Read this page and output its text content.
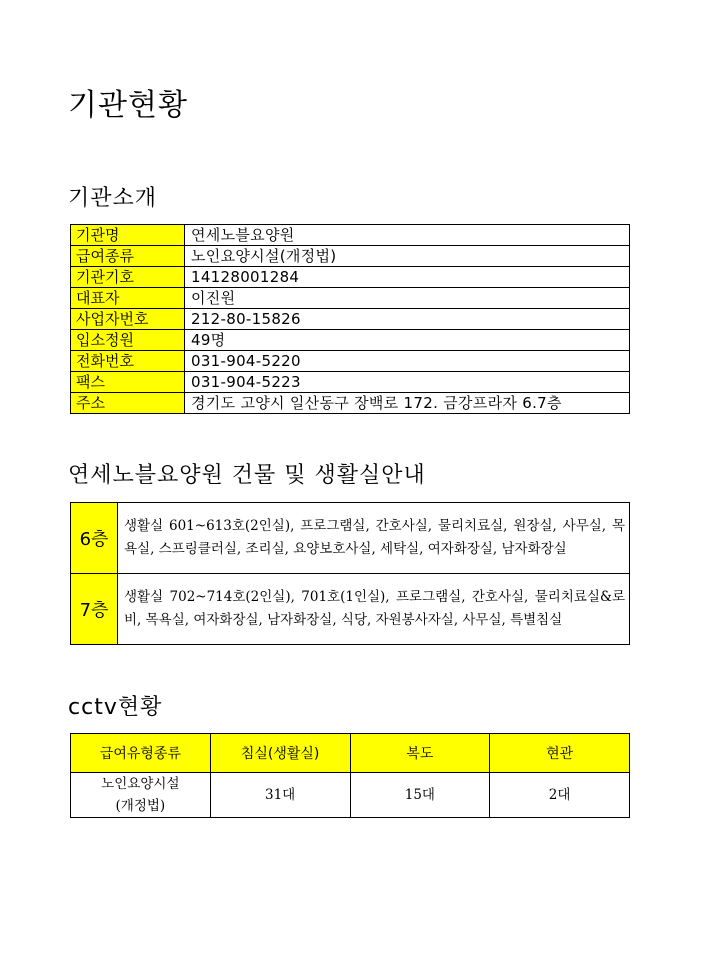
기관현황
기관소개
기관명	연세노블요양원
급여종류	노인요양시설(개정법)
기관기호	14128001284
대표자	이진원
사업자번호	212-80-15826
입소정원	49명
전화번호	031-904-5220
팩스	031-904-5223
주소	경기도 고양시 일산동구 장백로 172. 금강프라자 6.7층
연세노블요양원 건물 및 생활실안내
6층	생활실 601~613호(2인실), 프로그램실, 간호사실, 물리치료실, 원장실, 사무실, 목욕실, 스프링클러실, 조리실, 요양보호사실, 세탁실, 여자화장실, 남자화장실
7층	생활실 702~714호(2인실), 701호(1인실), 프로그램실, 간호사실, 물리치료실&로비, 목욕실, 여자화장실, 남자화장실, 식당, 자원봉사자실, 사무실, 특별침실
cctv현황
급여유형종류	침실(생활실)	복도	현관

노인요양시설
(개정법)	31대	15대	2대
